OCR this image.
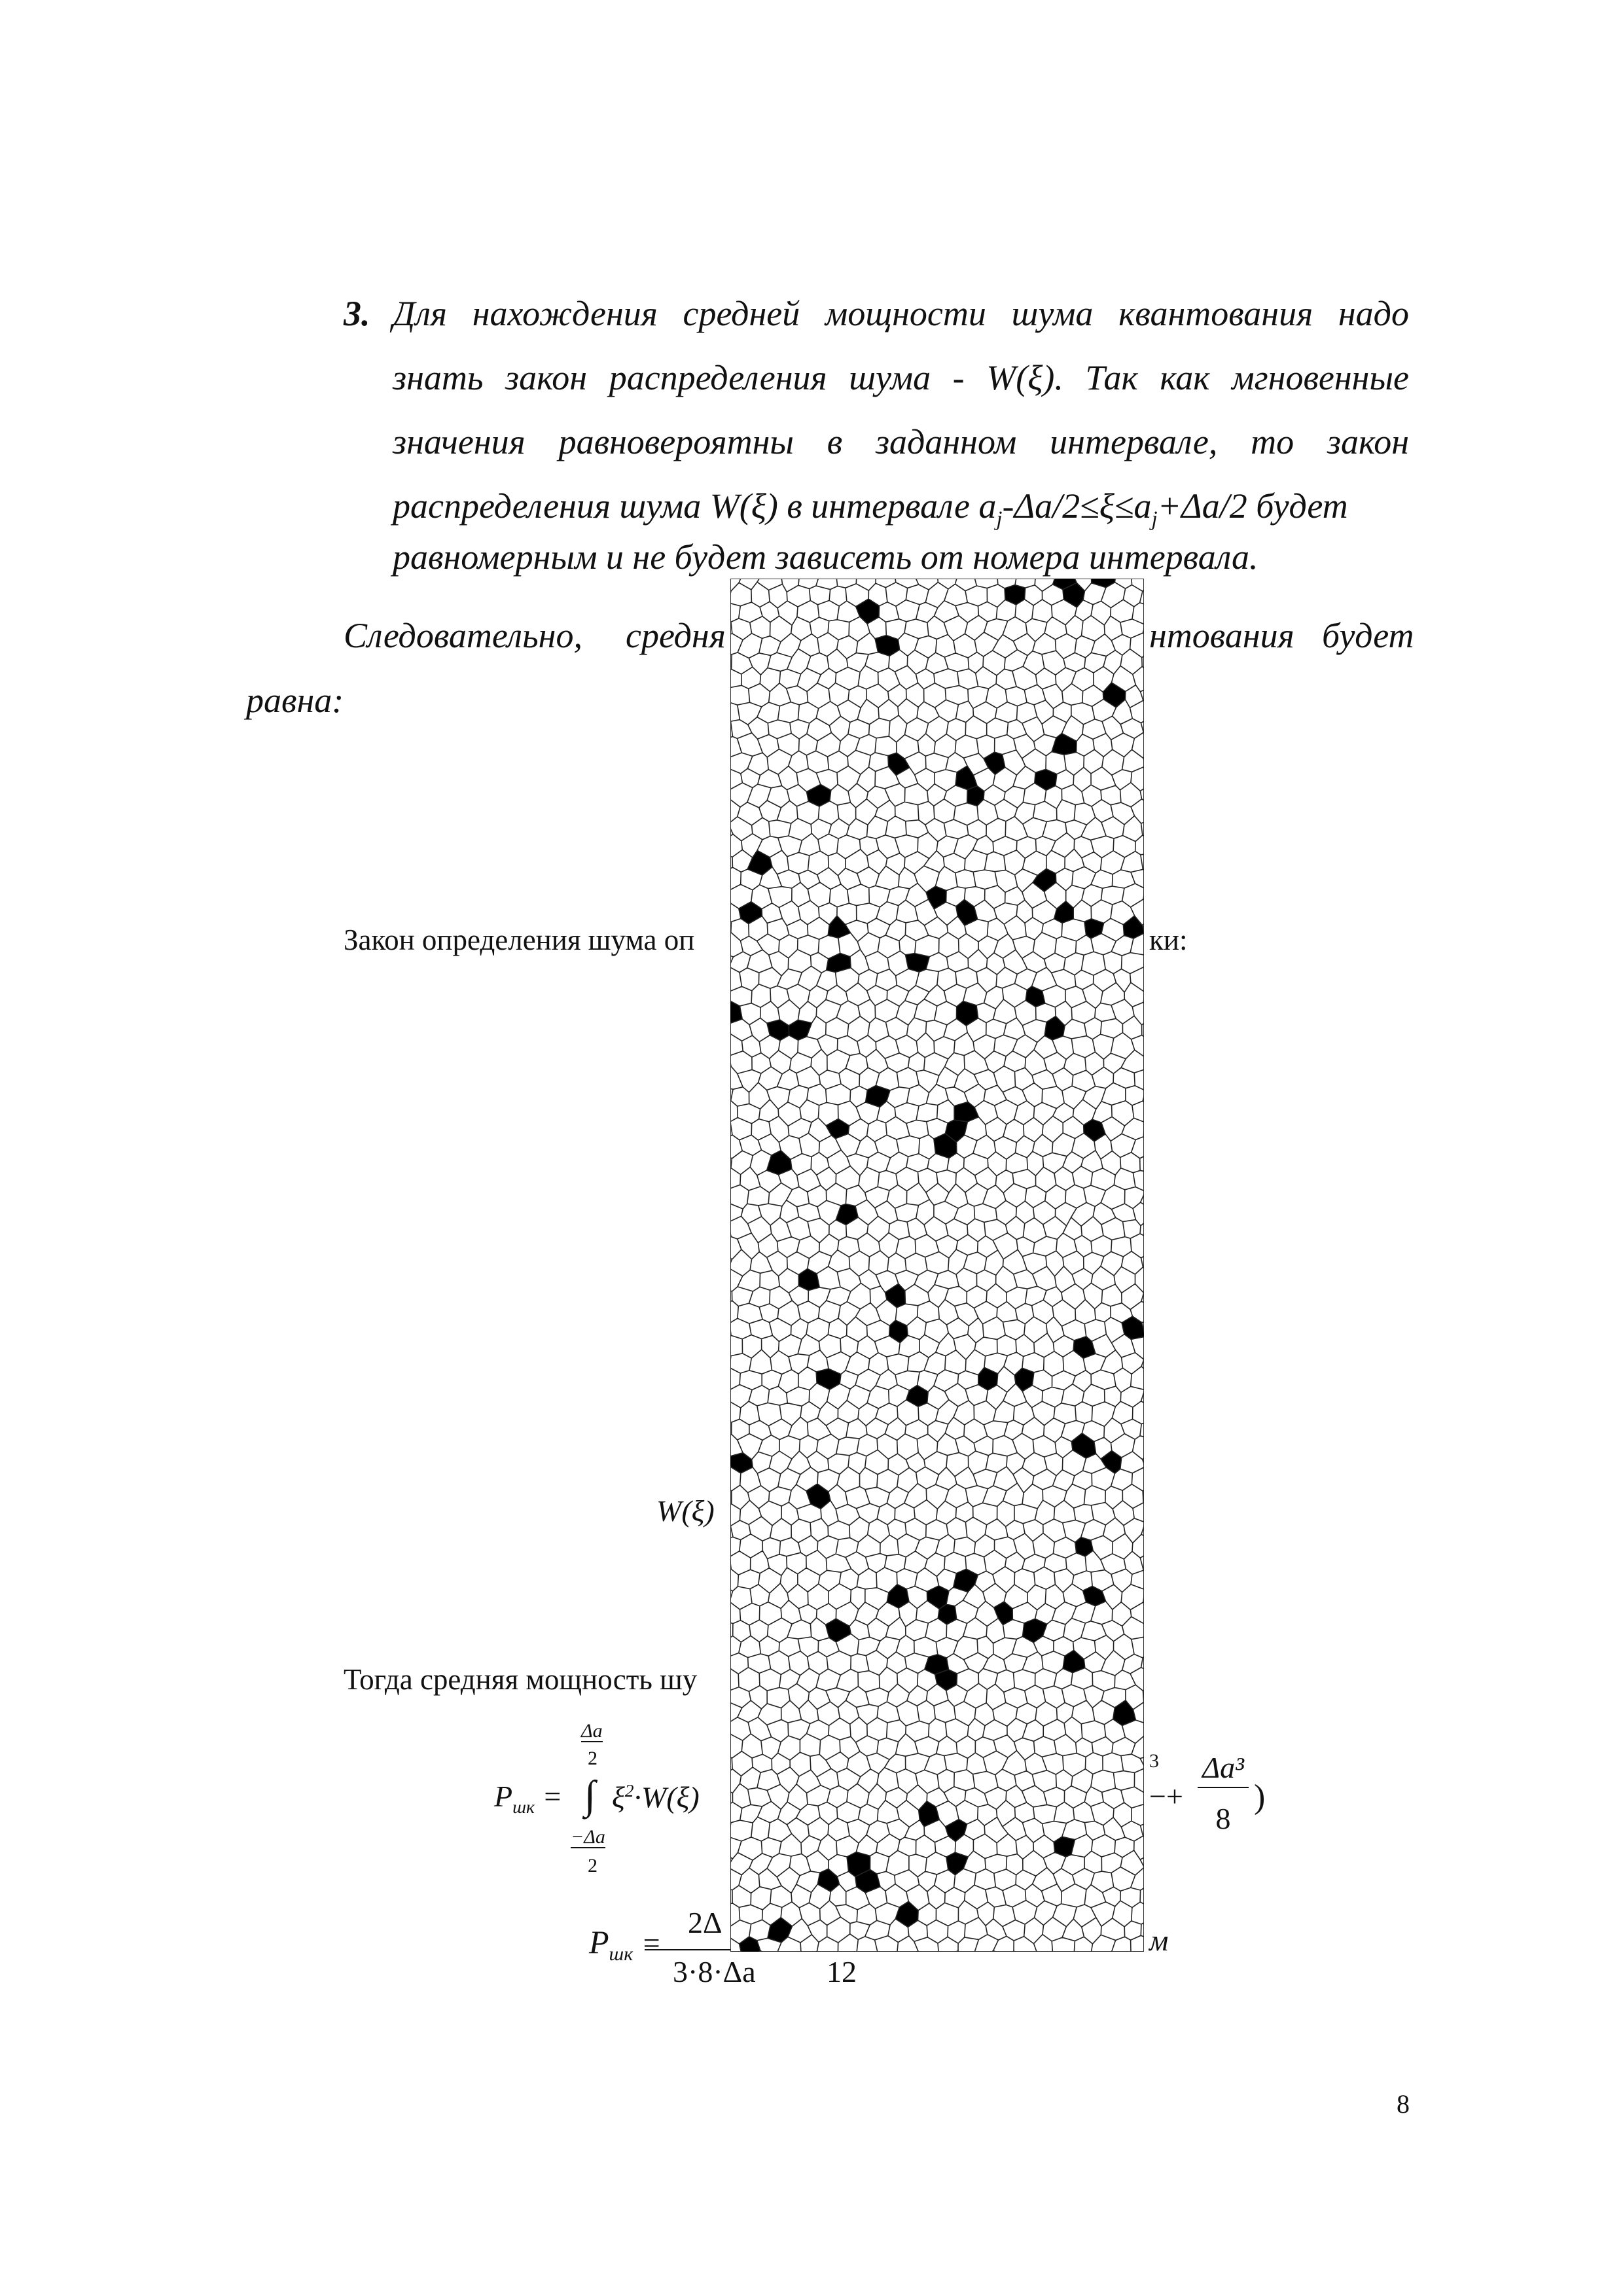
3. Для нахождения средней мощности шума квантования надо
знать закон распределения шума - W(ξ). Так как мгновенные
значения равновероятны в заданном интервале, то закон
распределения шума W(ξ) в интервале $a_j-\Delta a/2\le\xi\le a_j+\Delta a/2$ будет
равномерным и не будет зависеть от номера интервала.
Следовательно, средня	нтования будет
равна:
Закон определения шума оп	ки:
W(ξ)
Тогда средняя мощность шу
$P_{шк}$ =
Δa
2
∫
−Δa
2
$\xi^2\cdot W(\xi)$
3
−+
Δa³
8
)
$P_{шк}$ =
2Δ
3·8·Δa 12
м
8
